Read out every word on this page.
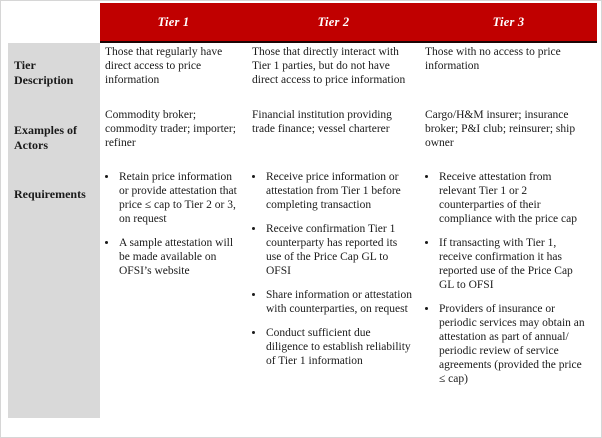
Tier 1	Tier 2	Tier 3
Tier Description
Those that regularly have direct access to price information
Those that directly interact with Tier 1 parties, but do not have direct access to price information
Those with no access to price information
Examples of Actors
Commodity broker; commodity trader; importer; refiner
Financial institution providing trade finance; vessel charterer
Cargo/H&M insurer; insurance broker; P&I club; reinsurer; ship owner
Requirements
• Retain price information or provide attestation that price ≤ cap to Tier 2 or 3, on request
• A sample attestation will be made available on OFSI’s website
• Receive price information or attestation from Tier 1 before completing transaction
• Receive confirmation Tier 1 counterparty has reported its use of the Price Cap GL to OFSI
• Share information or attestation with counterparties, on request
• Conduct sufficient due diligence to establish reliability of Tier 1 information
• Receive attestation from relevant Tier 1 or 2 counterparties of their compliance with the price cap
• If transacting with Tier 1, receive confirmation it has reported use of the Price Cap GL to OFSI
• Providers of insurance or periodic services may obtain an attestation as part of annual/ periodic review of service agreements (provided the price ≤ cap)
